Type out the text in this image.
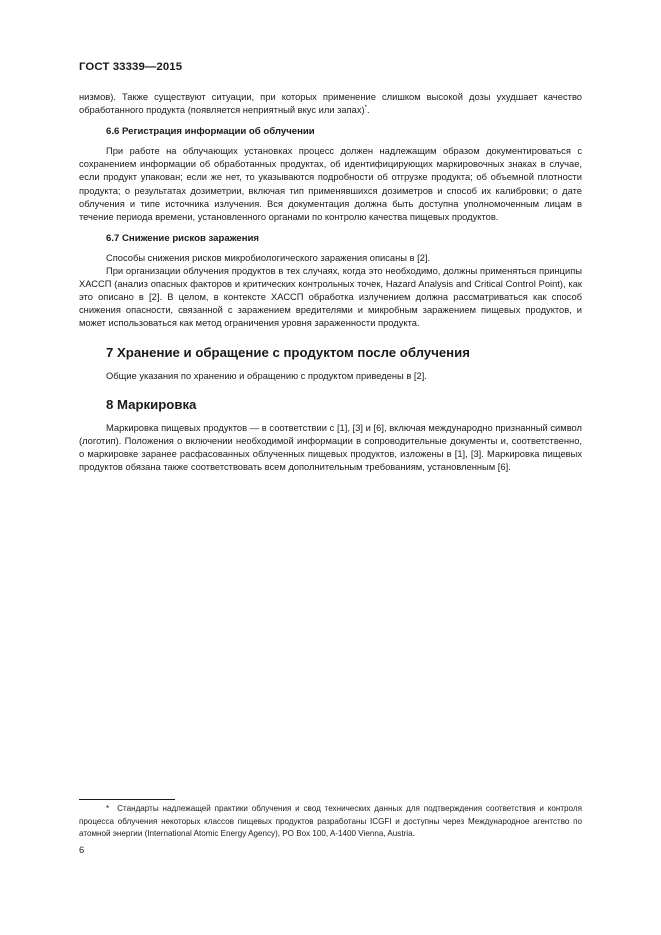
ГОСТ 33339—2015

низмов). Также существуют ситуации, при которых применение слишком высокой дозы ухудшает качество обработанного продукта (появляется неприятный вкус или запах)*.

6.6 Регистрация информации об облучении

При работе на облучающих установках процесс должен надлежащим образом документироваться с сохранением информации об обработанных продуктах, об идентифицирующих маркировочных знаках в случае, если продукт упакован; если же нет, то указываются подробности об отгрузке продукта; об объемной плотности продукта; о результатах дозиметрии, включая тип применявшихся дозиметров и способ их калибровки; о дате облучения и типе источника излучения. Вся документация должна быть доступна уполномоченным лицам в течение периода времени, установленного органами по контролю качества пищевых продуктов.

6.7 Снижение рисков заражения

Способы снижения рисков микробиологического заражения описаны в [2].

При организации облучения продуктов в тех случаях, когда это необходимо, должны применяться принципы ХАССП (анализ опасных факторов и критических контрольных точек, Hazard Analysis and Critical Control Point), как это описано в [2]. В целом, в контексте ХАССП обработка излучением должна рассматриваться как способ снижения опасности, связанной с заражением вредителями и микробным заражением пищевых продуктов, и может использоваться как метод ограничения уровня зараженности продукта.

7 Хранение и обращение с продуктом после облучения

Общие указания по хранению и обращению с продуктом приведены в [2].

8 Маркировка

Маркировка пищевых продуктов — в соответствии с [1], [3] и [6], включая международно признанный символ (логотип). Положения о включении необходимой информации в сопроводительные документы и, соответственно, о маркировке заранее расфасованных облученных пищевых продуктов, изложены в [1], [3]. Маркировка пищевых продуктов обязана также соответствовать всем дополнительным требованиям, установленным [6].

* Стандарты надлежащей практики облучения и свод технических данных для подтверждения соответствия и контроля процесса облучения некоторых классов пищевых продуктов разработаны ICGFI и доступны через Международное агентство по атомной энергии (International Atomic Energy Agency), PO Box 100, A-1400 Vienna, Austria.
6
